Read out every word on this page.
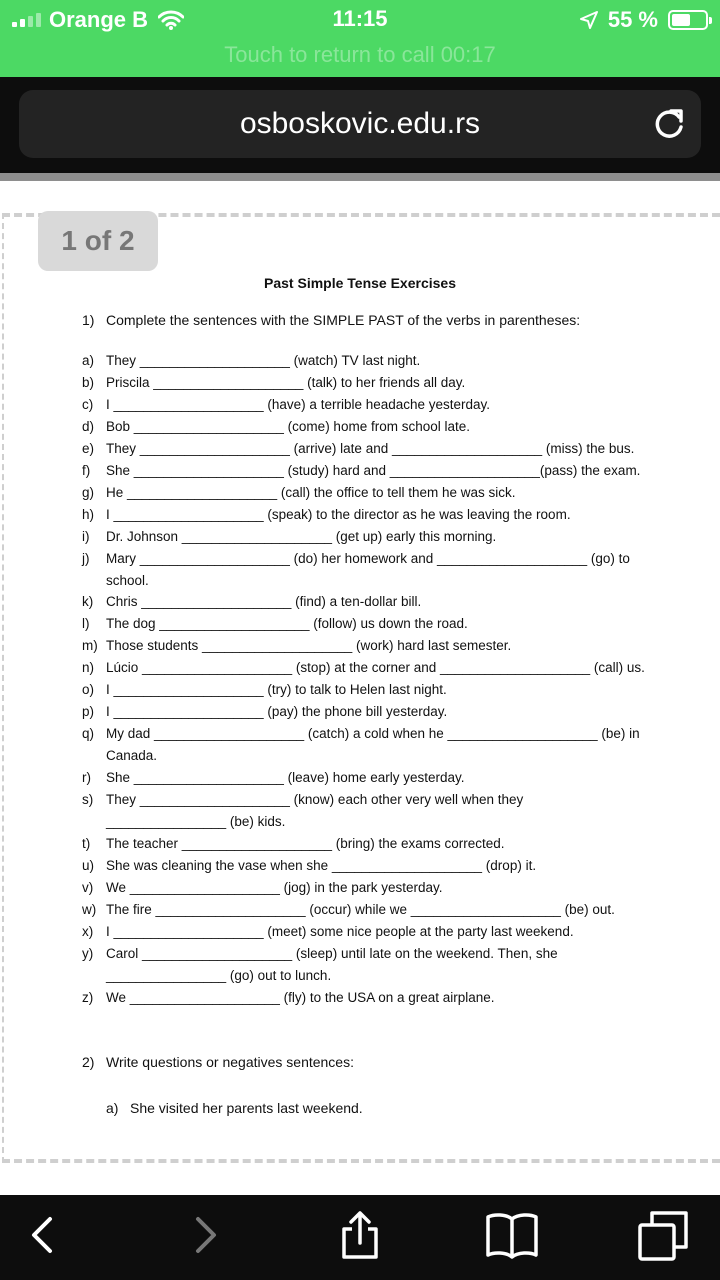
Orange B	11:15	55 %
Touch to return to call 00:17
osboskovic.edu.rs
1 of 2
Past Simple Tense Exercises
1) Complete the sentences with the SIMPLE PAST of the verbs in parentheses:
a) They ____________________ (watch) TV last night.
b) Priscila ____________________ (talk) to her friends all day.
c) I ____________________ (have) a terrible headache yesterday.
d) Bob ____________________ (come) home from school late.
e) They ____________________ (arrive) late and ____________________ (miss) the bus.
f) She ____________________ (study) hard and ____________________(pass) the exam.
g) He ____________________ (call) the office to tell them he was sick.
h) I ____________________ (speak) to the director as he was leaving the room.
i) Dr. Johnson ____________________ (get up) early this morning.
j) Mary ____________________ (do) her homework and ____________________ (go) to
school.
k) Chris ____________________ (find) a ten-dollar bill.
l) The dog ____________________ (follow) us down the road.
m) Those students ____________________ (work) hard last semester.
n) Lúcio ____________________ (stop) at the corner and ____________________ (call) us.
o) I ____________________ (try) to talk to Helen last night.
p) I ____________________ (pay) the phone bill yesterday.
q) My dad ____________________ (catch) a cold when he ____________________ (be) in
Canada.
r) She ____________________ (leave) home early yesterday.
s) They ____________________ (know) each other very well when they
________________ (be) kids.
t) The teacher ____________________ (bring) the exams corrected.
u) She was cleaning the vase when she ____________________ (drop) it.
v) We ____________________ (jog) in the park yesterday.
w) The fire ____________________ (occur) while we ____________________ (be) out.
x) I ____________________ (meet) some nice people at the party last weekend.
y) Carol ____________________ (sleep) until late on the weekend. Then, she
________________ (go) out to lunch.
z) We ____________________ (fly) to the USA on a great airplane.
2) Write questions or negatives sentences:
a) She visited her parents last weekend.
